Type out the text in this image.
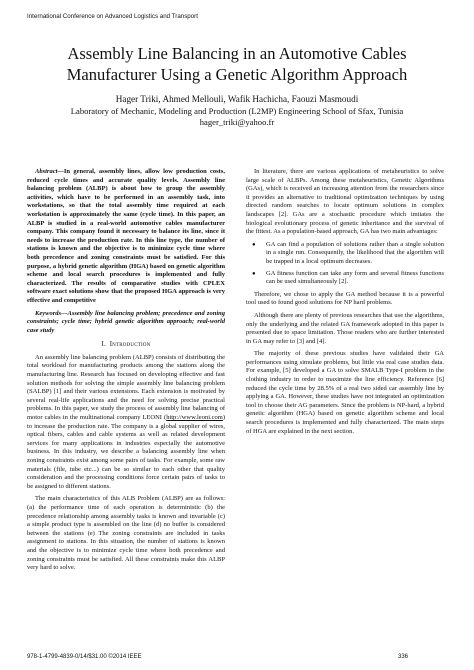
International Conference on Advanced Logistics and Transport
Assembly Line Balancing in an Automotive Cables
Manufacturer Using a Genetic Algorithm Approach
Hager Triki, Ahmed Mellouli, Wafik Hachicha, Faouzi Masmoudi
Laboratory of Mechanic, Modeling and Production (L2MP) Engineering School of Sfax, Tunisia
hager_triki@yahoo.fr

Abstract—In general, assembly lines, allow low production costs, reduced cycle times and accurate quality levels. Assembly line balancing problem (ALBP) is about how to group the assembly activities, which have to be performed in an assembly task, into workstations, so that the total assembly time required at each workstation is approximately the same (cycle time). In this paper, an ALBP is studied in a real-world automotive cables manufacturer company. This company found it necessary to balance its line, since it needs to increase the production rate. In this line type, the number of stations is known and the objective is to minimize cycle time where both precedence and zoning constraints must be satisfied. For this purpose, a hybrid genetic algorithm (HGA) based on genetic algorithm scheme and local search procedures is implemented and fully characterized. The results of comparative studies with CPLEX software exact solutions show that the proposed HGA approach is very effective and competitive

Keywords—Assembly line balancing problem; precedence and zoning constraints; cycle time; hybrid genetic algorithm approach; real-world case study

I. Introduction

An assembly line balancing problem (ALBP) consists of distributing the total workload for manufacturing products among the stations along the manufacturing line. Research has focused on developing effective and fast solution methods for solving the simple assembly line balancing problem (SALBP) [1] and their various extensions. Each extension is motivated by several real-life applications and the need for solving precise practical problems. In this paper, we study the process of assembly line balancing of motor cables in the multinational company LEONI (http://www.leoni.com) to increase the production rate. The company is a global supplier of wires, optical fibers, cables and cable systems as well as related development services for many applications in industries especially the automotive business. In this industry, we describe a balancing assembly line when zoning constraints exist among some pairs of tasks. For example, some raw materials (file, tube etc...) can be so similar to each other that quality consideration and the processing conditions force certain pairs of tasks to be assigned to different stations.

The main characteristics of this ALB Problem (ALBP) are as follows: (a) the performance time of each operation is deterministic (b) the precedence relationship among assembly tasks is known and invariable (c) a simple product type is assembled on the line (d) no buffer is considered between the stations (e) The zoning constraints are included in tasks assignment to stations. In this situation, the number of stations is known and the objective is to minimize cycle time where both precedence and zoning constraints must be satisfied. All these constraints make this ALBP very hard to solve.

In literature, there are various applications of metaheuristics to solve large scale of ALBPs. Among these metaheuristics, Genetic Algorithms (GAs), which is received an increasing attention from the researchers since it provides an alternative to traditional optimization techniques by using directed random searches to locate optimum solutions in complex landscapes [2]. GAs are a stochastic procedure which imitates the biological evolutionary process of genetic inheritance and the survival of the fittest. As a population-based approach, GA has two main advantages:

● GA can find a population of solutions rather than a single solution in a single run. Consequently, the likelihood that the algorithm will be trapped in a local optimum decreases.
● GA fitness function can take any form and several fitness functions can be used simultaneously [2].

Therefore, we chose to apply the GA method because it is a powerful tool used to found good solutions for NP hard problems.

Although there are plenty of previous researches that use the algorithms, only the underlying and the related GA framework adopted in this paper is presented due to space limitation. Those readers who are further interested in GA may refer to [3] and [4].

The majority of these previous studies have validated their GA performances using simulate problems, but little via real case studies data. For example, [5] developed a GA to solve SMALB Type-I problem in the clothing industry in order to maximize the line efficiency. Reference [6] reduced the cycle time by 28.5% of a real two sided car assembly line by applying a GA. However, these studies have not integrated an optimization tool to choose their AG parameters. Since the problem is NP-hard, a hybrid genetic algorithm (HGA) based on genetic algorithm scheme and local search procedures is implemented and fully characterized. The main steps of HGA are explained in the next section.

978-1-4799-4839-0/14/$31.00 ©2014 IEEE	336
